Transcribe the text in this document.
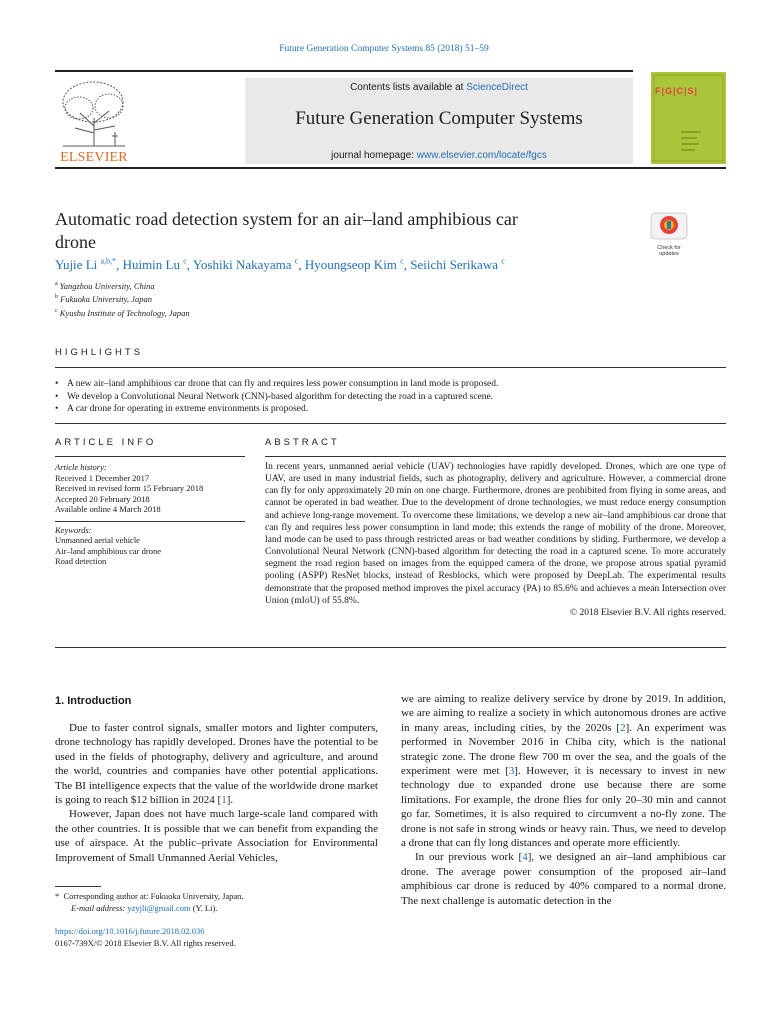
Future Generation Computer Systems 85 (2018) 51–59
ELSEVIER
Contents lists available at ScienceDirect
Future Generation Computer Systems
journal homepage: www.elsevier.com/locate/fgcs
F|G|C|S|
Automatic road detection system for an air–land amphibious car
drone	Check for updates
Yujie Li $^{a,b,*}$, Huimin Lu $^c$, Yoshiki Nakayama $^c$, Hyoungseop Kim $^c$, Seiichi Serikawa $^c$
$^a$ Yangzhou University, China
$^b$ Fukuoka University, Japan
$^c$ Kyushu Institute of Technology, Japan
HIGHLIGHTS
• A new air–land amphibious car drone that can fly and requires less power consumption in land mode is proposed.
• We develop a Convolutional Neural Network (CNN)-based algorithm for detecting the road in a captured scene.
• A car drone for operating in extreme environments is proposed.
ARTICLE INFO	ABSTRACT
Article history:
Received 1 December 2017
Received in revised form 15 February 2018
Accepted 20 February 2018
Available online 4 March 2018
Keywords:
Unmanned aerial vehicle
Air–land amphibious car drone
Road detection
In recent years, unmanned aerial vehicle (UAV) technologies have rapidly developed. Drones, which are one type of UAV, are used in many industrial fields, such as photography, delivery and agriculture. However, a commercial drone can fly for only approximately 20 min on one charge. Furthermore, drones are prohibited from flying in some areas, and cannot be operated in bad weather. Due to the development of drone technologies, we must reduce energy consumption and achieve long-range movement. To overcome these limitations, we develop a new air–land amphibious car drone that can fly and requires less power consumption in land mode; this extends the range of mobility of the drone. Moreover, land mode can be used to pass through restricted areas or bad weather conditions by sliding. Furthermore, we develop a Convolutional Neural Network (CNN)-based algorithm for detecting the road in a captured scene. To more accurately segment the road region based on images from the equipped camera of the drone, we propose atrous spatial pyramid pooling (ASPP) ResNet blocks, instead of Resblocks, which were proposed by DeepLab. The experimental results demonstrate that the proposed method improves the pixel accuracy (PA) to 85.6% and achieves a mean Intersection over Union (mIoU) of 55.8%.
© 2018 Elsevier B.V. All rights reserved.
1. Introduction

Due to faster control signals, smaller motors and lighter computers, drone technology has rapidly developed. Drones have the potential to be used in the fields of photography, delivery and agriculture, and around the world, countries and companies have other potential applications. The BI intelligence expects that the value of the worldwide drone market is going to reach $12 billion in 2024 [1].

However, Japan does not have much large-scale land compared with the other countries. It is possible that we can benefit from expanding the use of airspace. At the public–private Association for Environmental Improvement of Small Unmanned Aerial Vehicles,

we are aiming to realize delivery service by drone by 2019. In addition, we are aiming to realize a society in which autonomous drones are active in many areas, including cities, by the 2020s [2]. An experiment was performed in November 2016 in Chiba city, which is the national strategic zone. The drone flew 700 m over the sea, and the goals of the experiment were met [3]. However, it is necessary to invest in new technology due to expanded drone use because there are some limitations. For example, the drone flies for only 20–30 min and cannot go far. Sometimes, it is also required to circumvent a no-fly zone. The drone is not safe in strong winds or heavy rain. Thus, we need to develop a drone that can fly long distances and operate more efficiently.

In our previous work [4], we designed an air–land amphibious car drone. The average power consumption of the proposed air–land amphibious car drone is reduced by 40% compared to a normal drone. The next challenge is automatic detection in the

* Corresponding author at: Fukuoka University, Japan.
E-mail address: yzyjli@gmail.com (Y. Li).
https://doi.org/10.1016/j.future.2018.02.036
0167-739X/© 2018 Elsevier B.V. All rights reserved.
